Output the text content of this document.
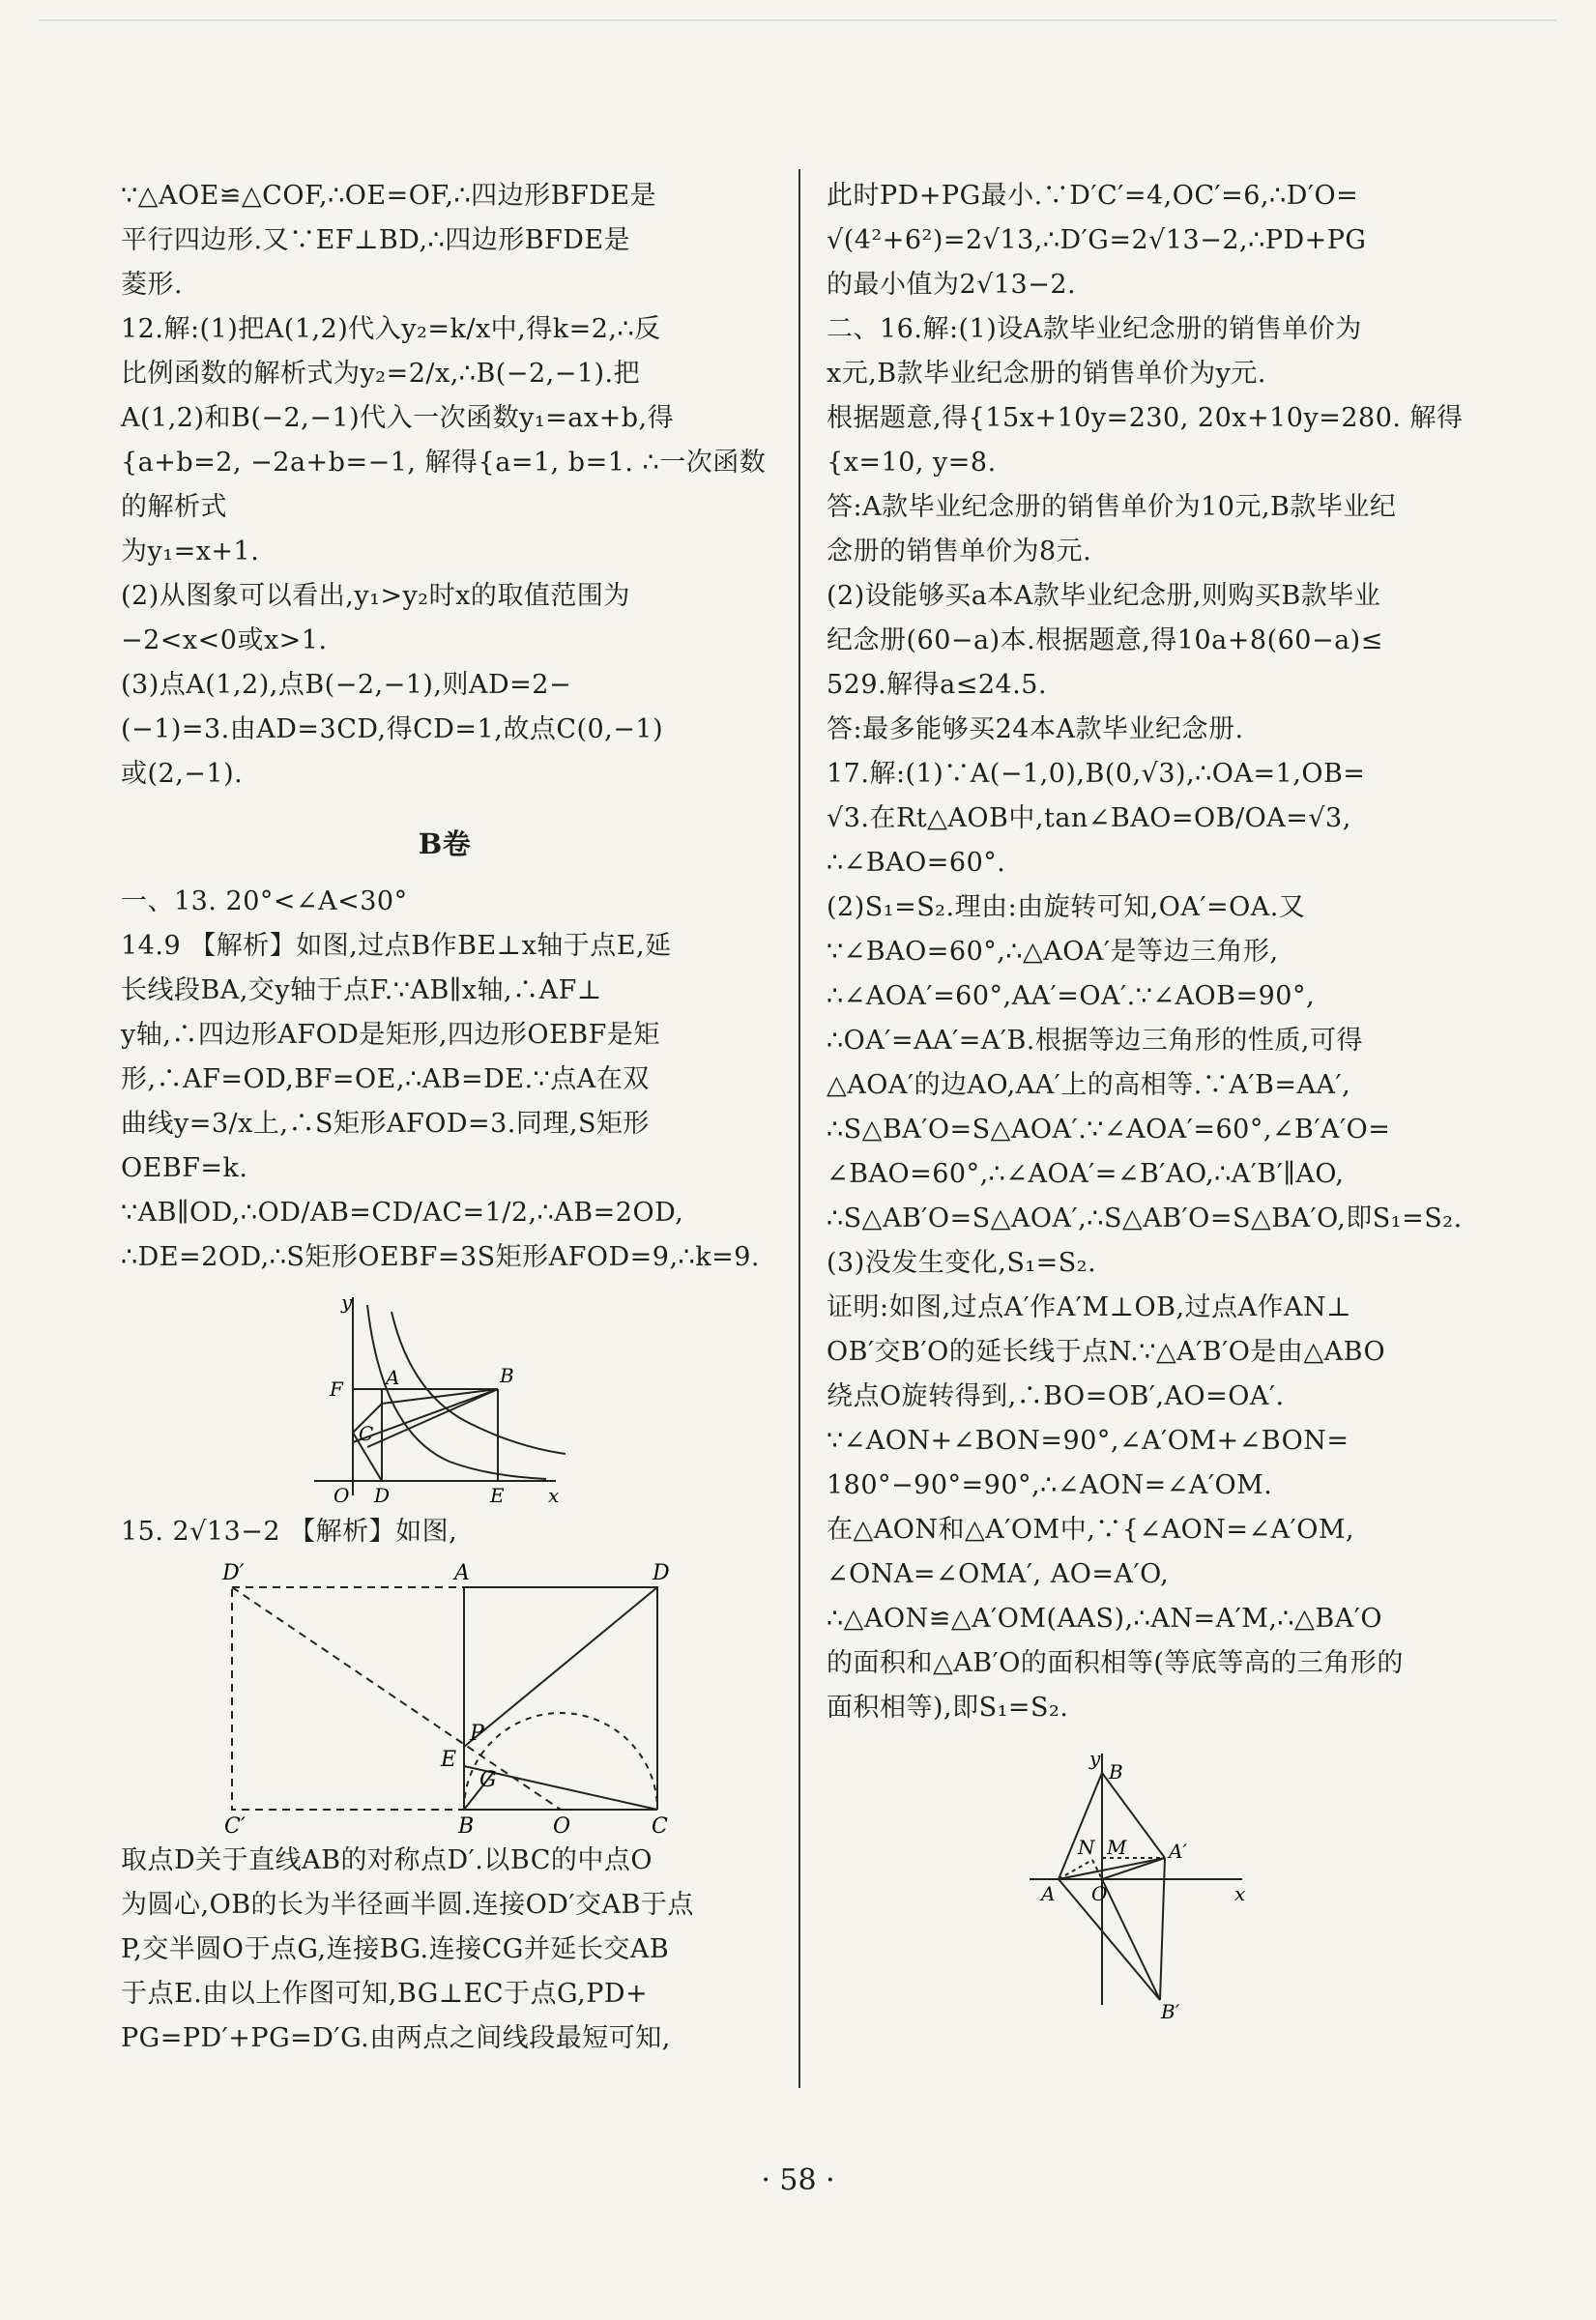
∵△AOE≌△COF,∴OE=OF,∴四边形BFDE是

平行四边形.又∵EF⊥BD,∴四边形BFDE是

菱形.

12.解:(1)把A(1,2)代入y₂=k/x中,得k=2,∴反

比例函数的解析式为y₂=2/x,∴B(−2,−1).把

A(1,2)和B(−2,−1)代入一次函数y₁=ax+b,得

{a+b=2, −2a+b=−1, 解得{a=1, b=1. ∴一次函数的解析式

为y₁=x+1.

(2)从图象可以看出,y₁>y₂时x的取值范围为

−2<x<0或x>1.

(3)点A(1,2),点B(−2,−1),则AD=2−

(−1)=3.由AD=3CD,得CD=1,故点C(0,−1)

或(2,−1).

B卷

一、13. 20°<∠A<30°

14.9 【解析】如图,过点B作BE⊥x轴于点E,延

长线段BA,交y轴于点F.∵AB∥x轴,∴AF⊥

y轴,∴四边形AFOD是矩形,四边形OEBF是矩

形,∴AF=OD,BF=OE,∴AB=DE.∵点A在双

曲线y=3/x上,∴S矩形AFOD=3.同理,S矩形OEBF=k.

∵AB∥OD,∴OD/AB=CD/AC=1/2,∴AB=2OD,

∴DE=2OD,∴S矩形OEBF=3S矩形AFOD=9,∴k=9.

y
F A	B
C
O D	E x

15. 2√13−2 【解析】如图,

D′	A	D
P
E
G
C′	B	O	C

取点D关于直线AB的对称点D′.以BC的中点O

为圆心,OB的长为半径画半圆.连接OD′交AB于点

P,交半圆O于点G,连接BG.连接CG并延长交AB

于点E.由以上作图可知,BG⊥EC于点G,PD+

PG=PD′+PG=D′G.由两点之间线段最短可知,

此时PD+PG最小.∵D′C′=4,OC′=6,∴D′O=

√(4²+6²)=2√13,∴D′G=2√13−2,∴PD+PG

的最小值为2√13−2.

二、16.解:(1)设A款毕业纪念册的销售单价为

x元,B款毕业纪念册的销售单价为y元.

根据题意,得{15x+10y=230, 20x+10y=280. 解得{x=10, y=8.

答:A款毕业纪念册的销售单价为10元,B款毕业纪

念册的销售单价为8元.

(2)设能够买a本A款毕业纪念册,则购买B款毕业

纪念册(60−a)本.根据题意,得10a+8(60−a)≤

529.解得a≤24.5.

答:最多能够买24本A款毕业纪念册.

17.解:(1)∵A(−1,0),B(0,√3),∴OA=1,OB=

√3.在Rt△AOB中,tan∠BAO=OB/OA=√3,

∴∠BAO=60°.

(2)S₁=S₂.理由:由旋转可知,OA′=OA.又

∵∠BAO=60°,∴△AOA′是等边三角形,

∴∠AOA′=60°,AA′=OA′.∵∠AOB=90°,

∴OA′=AA′=A′B.根据等边三角形的性质,可得

△AOA′的边AO,AA′上的高相等.∵A′B=AA′,

∴S△BA′O=S△AOA′.∵∠AOA′=60°,∠B′A′O=

∠BAO=60°,∴∠AOA′=∠B′AO,∴A′B′∥AO,

∴S△AB′O=S△AOA′,∴S△AB′O=S△BA′O,即S₁=S₂.

(3)没发生变化,S₁=S₂.

证明:如图,过点A′作A′M⊥OB,过点A作AN⊥

OB′交B′O的延长线于点N.∵△A′B′O是由△ABO

绕点O旋转得到,∴BO=OB′,AO=OA′.

∵∠AON+∠BON=90°,∠A′OM+∠BON=

180°−90°=90°,∴∠AON=∠A′OM.

在△AON和△A′OM中,∵{∠AON=∠A′OM, ∠ONA=∠OMA′, AO=A′O,

∴△AON≌△A′OM(AAS),∴AN=A′M,∴△BA′O

的面积和△AB′O的面积相等(等底等高的三角形的

面积相等),即S₁=S₂.

y
B
N M A′
A O	x
B′
· 58 ·
